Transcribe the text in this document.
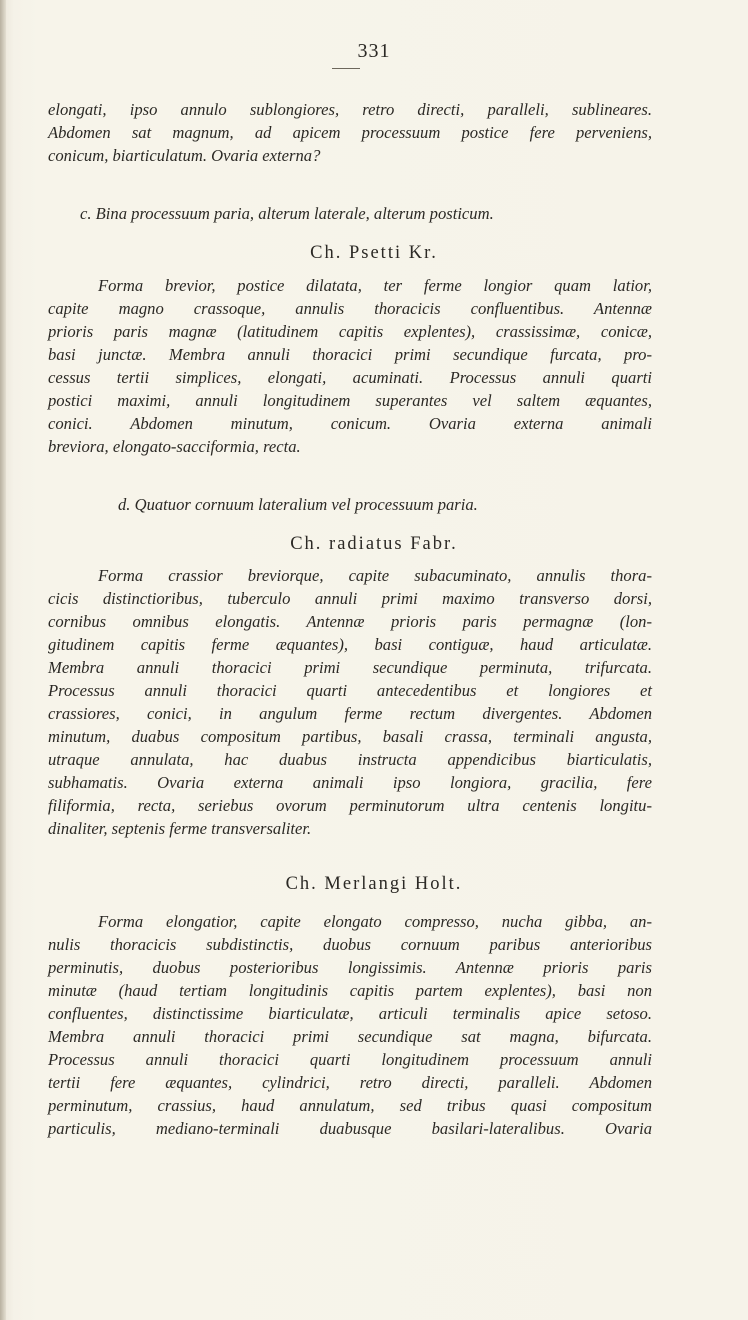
331
elongati, ipso annulo sublongiores, retro directi, paralleli, sublineares.
Abdomen sat magnum, ad apicem processuum postice fere perveniens,
conicum, biarticulatum. Ovaria externa?
c. Bina processuum paria, alterum laterale, alterum posticum.
Ch. Psetti Kr.
Forma brevior, postice dilatata, ter ferme longior quam latior,
capite magno crassoque, annulis thoracicis confluentibus. Antennæ
prioris paris magnæ (latitudinem capitis explentes), crassissimæ, conicæ,
basi junctæ. Membra annuli thoracici primi secundique furcata, pro-
cessus tertii simplices, elongati, acuminati. Processus annuli quarti
postici maximi, annuli longitudinem superantes vel saltem æquantes,
conici. Abdomen minutum, conicum. Ovaria externa animali
breviora, elongato-sacciformia, recta.
d. Quatuor cornuum lateralium vel processuum paria.
Ch. radiatus Fabr.
Forma crassior breviorque, capite subacuminato, annulis thora-
cicis distinctioribus, tuberculo annuli primi maximo transverso dorsi,
cornibus omnibus elongatis. Antennæ prioris paris permagnæ (lon-
gitudinem capitis ferme æquantes), basi contiguæ, haud articulatæ.
Membra annuli thoracici primi secundique perminuta, trifurcata.
Processus annuli thoracici quarti antecedentibus et longiores et
crassiores, conici, in angulum ferme rectum divergentes. Abdomen
minutum, duabus compositum partibus, basali crassa, terminali angusta,
utraque annulata, hac duabus instructa appendicibus biarticulatis,
subhamatis. Ovaria externa animali ipso longiora, gracilia, fere
filiformia, recta, seriebus ovorum perminutorum ultra centenis longitu-
dinaliter, septenis ferme transversaliter.
Ch. Merlangi Holt.
Forma elongatior, capite elongato compresso, nucha gibba, an-
nulis thoracicis subdistinctis, duobus cornuum paribus anterioribus
perminutis, duobus posterioribus longissimis. Antennæ prioris paris
minutæ (haud tertiam longitudinis capitis partem explentes), basi non
confluentes, distinctissime biarticulatæ, articuli terminalis apice setoso.
Membra annuli thoracici primi secundique sat magna, bifurcata.
Processus annuli thoracici quarti longitudinem processuum annuli
tertii fere æquantes, cylindrici, retro directi, paralleli. Abdomen
perminutum, crassius, haud annulatum, sed tribus quasi compositum
particulis, mediano-terminali duabusque basilari-lateralibus. Ovaria
